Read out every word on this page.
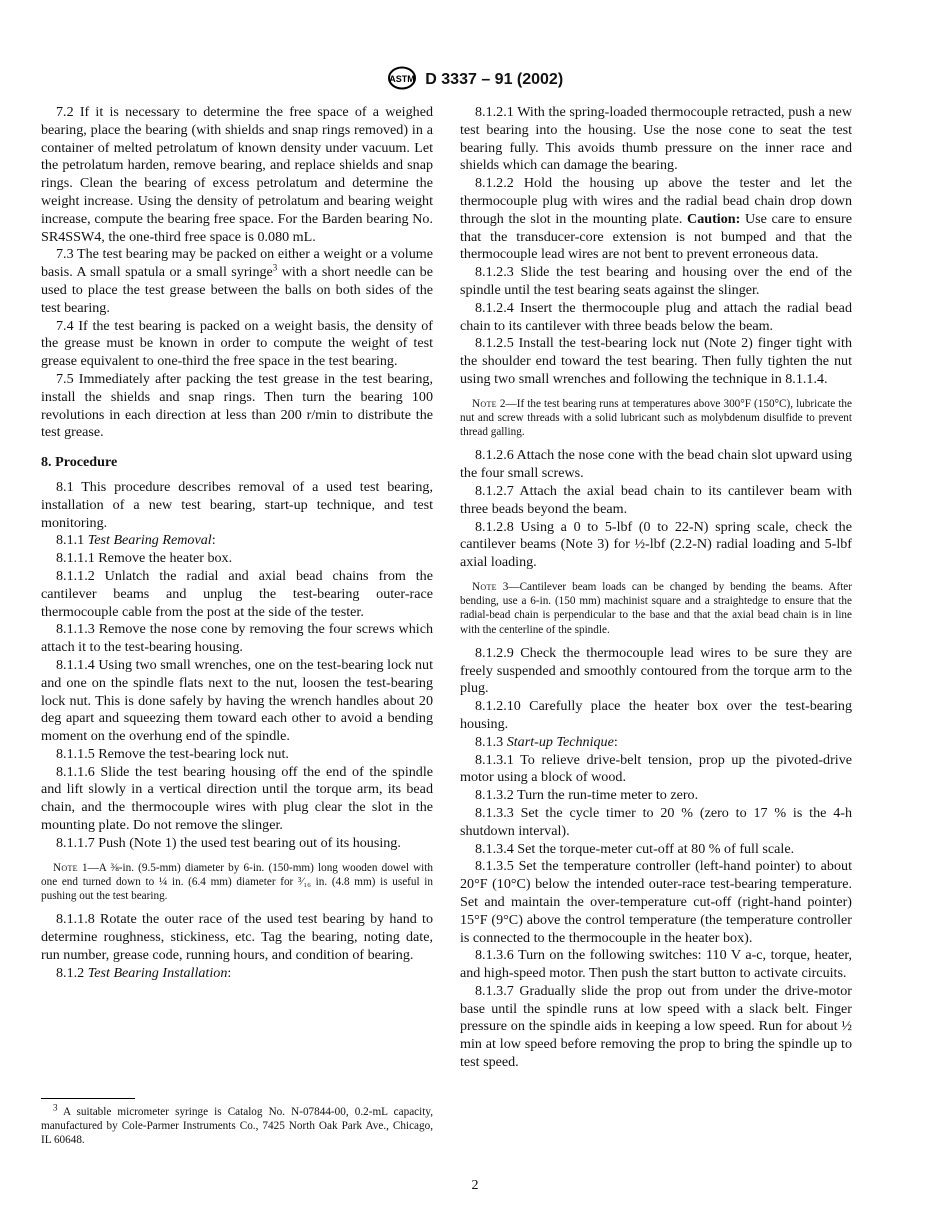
ASTM D 3337 – 91 (2002)

7.2 If it is necessary to determine the free space of a weighed bearing, place the bearing (with shields and snap rings removed) in a container of melted petrolatum of known density under vacuum. Let the petrolatum harden, remove bearing, and replace shields and snap rings. Clean the bearing of excess petrolatum and determine the weight increase. Using the density of petrolatum and bearing weight increase, compute the bearing free space. For the Barden bearing No. SR4SSW4, the one-third free space is 0.080 mL.

7.3 The test bearing may be packed on either a weight or a volume basis. A small spatula or a small syringe$^3$ with a short needle can be used to place the test grease between the balls on both sides of the test bearing.

7.4 If the test bearing is packed on a weight basis, the density of the grease must be known in order to compute the weight of test grease equivalent to one-third the free space in the test bearing.

7.5 Immediately after packing the test grease in the test bearing, install the shields and snap rings. Then turn the bearing 100 revolutions in each direction at less than 200 r/min to distribute the test grease.

8. Procedure

8.1 This procedure describes removal of a used test bearing, installation of a new test bearing, start-up technique, and test monitoring.

8.1.1 Test Bearing Removal:

8.1.1.1 Remove the heater box.

8.1.1.2 Unlatch the radial and axial bead chains from the cantilever beams and unplug the test-bearing outer-race thermocouple cable from the post at the side of the tester.

8.1.1.3 Remove the nose cone by removing the four screws which attach it to the test-bearing housing.

8.1.1.4 Using two small wrenches, one on the test-bearing lock nut and one on the spindle flats next to the nut, loosen the test-bearing lock nut. This is done safely by having the wrench handles about 20 deg apart and squeezing them toward each other to avoid a bending moment on the overhung end of the spindle.

8.1.1.5 Remove the test-bearing lock nut.

8.1.1.6 Slide the test bearing housing off the end of the spindle and lift slowly in a vertical direction until the torque arm, its bead chain, and the thermocouple wires with plug clear the slot in the mounting plate. Do not remove the slinger.

8.1.1.7 Push (Note 1) the used test bearing out of its housing.

Note 1—A ⅜-in. (9.5-mm) diameter by 6-in. (150-mm) long wooden dowel with one end turned down to ¼ in. (6.4 mm) diameter for ³⁄₁₆ in. (4.8 mm) is useful in pushing out the test bearing.

8.1.1.8 Rotate the outer race of the used test bearing by hand to determine roughness, stickiness, etc. Tag the bearing, noting date, run number, grease code, running hours, and condition of bearing.

8.1.2 Test Bearing Installation:

8.1.2.1 With the spring-loaded thermocouple retracted, push a new test bearing into the housing. Use the nose cone to seat the test bearing fully. This avoids thumb pressure on the inner race and shields which can damage the bearing.

8.1.2.2 Hold the housing up above the tester and let the thermocouple plug with wires and the radial bead chain drop down through the slot in the mounting plate. Caution: Use care to ensure that the transducer-core extension is not bumped and that the thermocouple lead wires are not bent to prevent erroneous data.

8.1.2.3 Slide the test bearing and housing over the end of the spindle until the test bearing seats against the slinger.

8.1.2.4 Insert the thermocouple plug and attach the radial bead chain to its cantilever with three beads below the beam.

8.1.2.5 Install the test-bearing lock nut (Note 2) finger tight with the shoulder end toward the test bearing. Then fully tighten the nut using two small wrenches and following the technique in 8.1.1.4.

Note 2—If the test bearing runs at temperatures above 300°F (150°C), lubricate the nut and screw threads with a solid lubricant such as molybdenum disulfide to prevent thread galling.

8.1.2.6 Attach the nose cone with the bead chain slot upward using the four small screws.

8.1.2.7 Attach the axial bead chain to its cantilever beam with three beads beyond the beam.

8.1.2.8 Using a 0 to 5-lbf (0 to 22-N) spring scale, check the cantilever beams (Note 3) for ½-lbf (2.2-N) radial loading and 5-lbf axial loading.

Note 3—Cantilever beam loads can be changed by bending the beams. After bending, use a 6-in. (150 mm) machinist square and a straightedge to ensure that the radial-bead chain is perpendicular to the base and that the axial bead chain is in line with the centerline of the spindle.

8.1.2.9 Check the thermocouple lead wires to be sure they are freely suspended and smoothly contoured from the torque arm to the plug.

8.1.2.10 Carefully place the heater box over the test-bearing housing.

8.1.3 Start-up Technique:

8.1.3.1 To relieve drive-belt tension, prop up the pivoted-drive motor using a block of wood.

8.1.3.2 Turn the run-time meter to zero.

8.1.3.3 Set the cycle timer to 20 % (zero to 17 % is the 4-h shutdown interval).

8.1.3.4 Set the torque-meter cut-off at 80 % of full scale.

8.1.3.5 Set the temperature controller (left-hand pointer) to about 20°F (10°C) below the intended outer-race test-bearing temperature. Set and maintain the over-temperature cut-off (right-hand pointer) 15°F (9°C) above the control temperature (the temperature controller is connected to the thermocouple in the heater box).

8.1.3.6 Turn on the following switches: 110 V a-c, torque, heater, and high-speed motor. Then push the start button to activate circuits.

8.1.3.7 Gradually slide the prop out from under the drive-motor base until the spindle runs at low speed with a slack belt. Finger pressure on the spindle aids in keeping a low speed. Run for about ½ min at low speed before removing the prop to bring the spindle up to test speed.

$^3$ A suitable micrometer syringe is Catalog No. N-07844-00, 0.2-mL capacity, manufactured by Cole-Parmer Instruments Co., 7425 North Oak Park Ave., Chicago, IL 60648.
2
